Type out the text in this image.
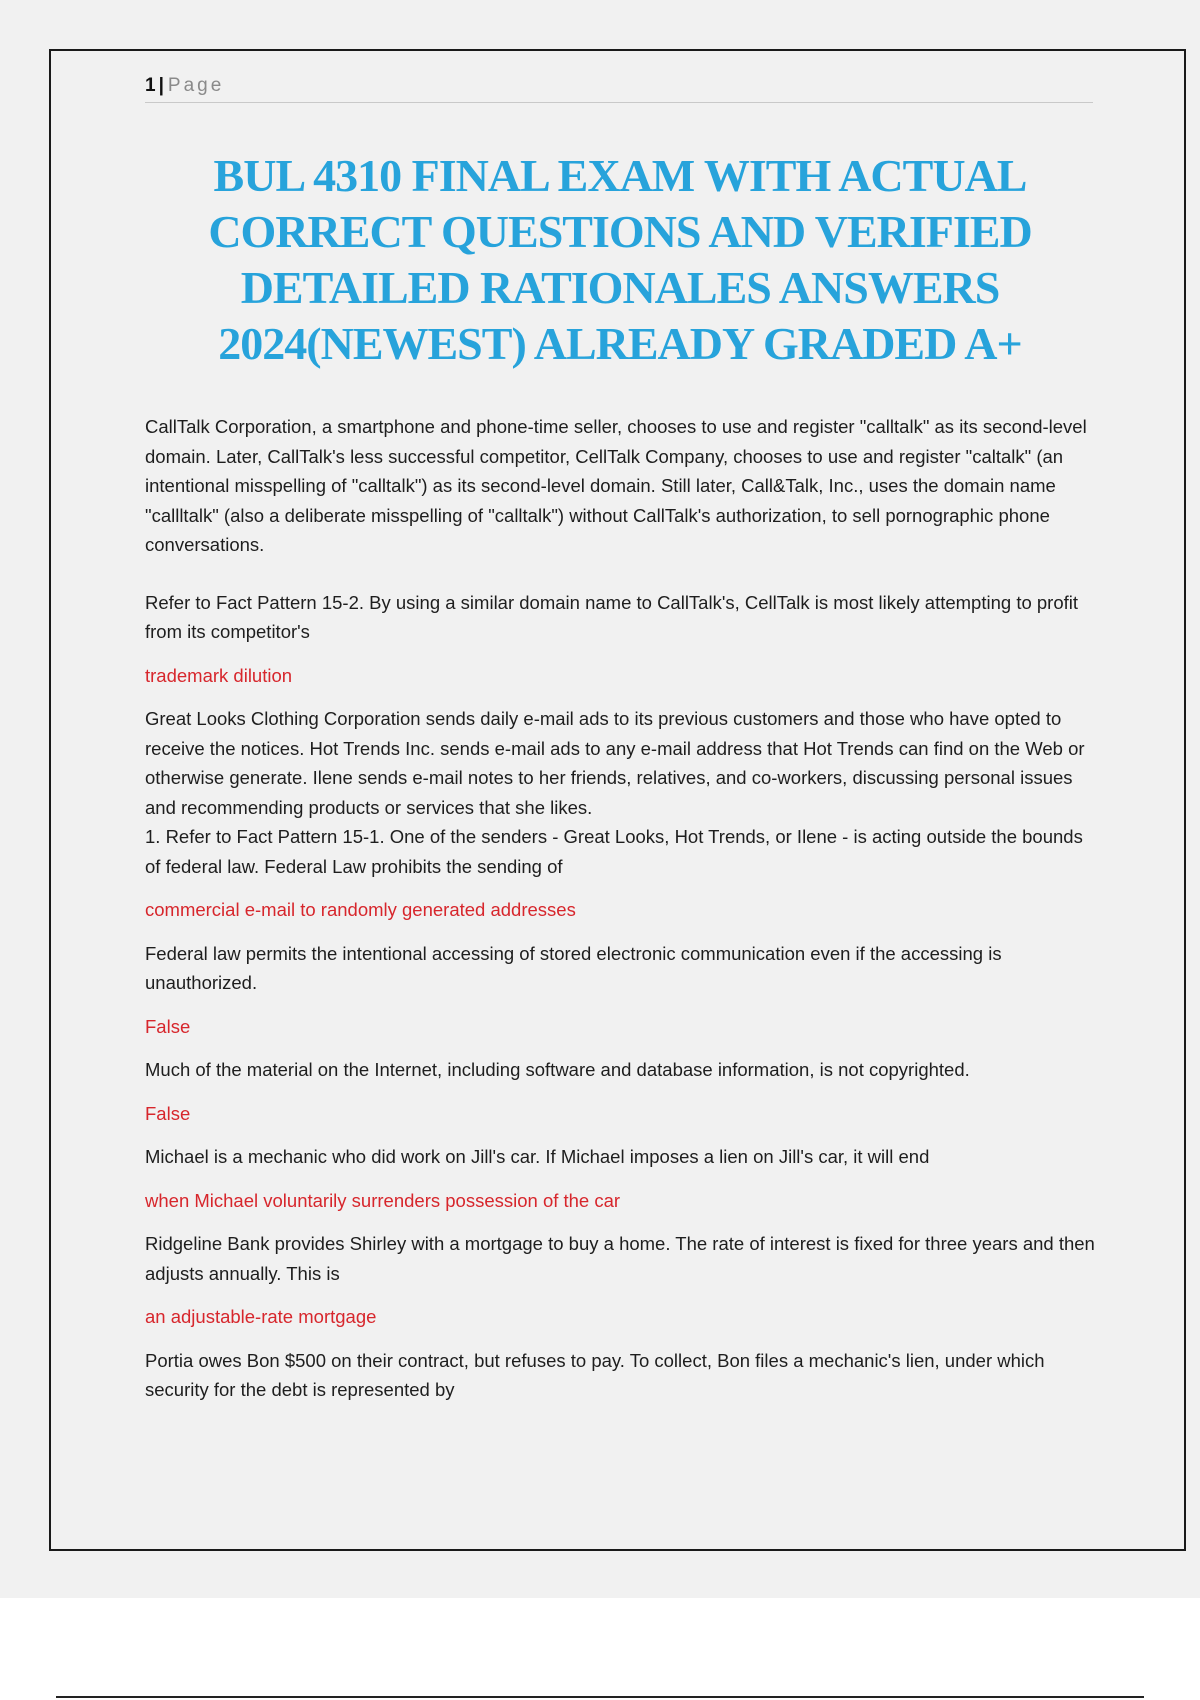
1 | Page
BUL 4310 FINAL EXAM WITH ACTUAL
CORRECT QUESTIONS AND VERIFIED
DETAILED RATIONALES ANSWERS
2024(NEWEST) ALREADY GRADED A+

CallTalk Corporation, a smartphone and phone-time seller, chooses to use and register "calltalk" as its second-level domain. Later, CallTalk's less successful competitor, CellTalk Company, chooses to use and register "caltalk" (an intentional misspelling of "calltalk") as its second-level domain. Still later, Call&Talk, Inc., uses the domain name "callltalk" (also a deliberate misspelling of "calltalk") without CallTalk's authorization, to sell pornographic phone conversations.

Refer to Fact Pattern 15-2. By using a similar domain name to CallTalk's, CellTalk is most likely attempting to profit from its competitor's

trademark dilution

Great Looks Clothing Corporation sends daily e-mail ads to its previous customers and those who have opted to receive the notices. Hot Trends Inc. sends e-mail ads to any e-mail address that Hot Trends can find on the Web or otherwise generate. Ilene sends e-mail notes to her friends, relatives, and co-workers, discussing personal issues and recommending products or services that she likes.

1. Refer to Fact Pattern 15-1. One of the senders - Great Looks, Hot Trends, or Ilene - is acting outside the bounds of federal law. Federal Law prohibits the sending of

commercial e-mail to randomly generated addresses

Federal law permits the intentional accessing of stored electronic communication even if the accessing is unauthorized.

False

Much of the material on the Internet, including software and database information, is not copyrighted.

False

Michael is a mechanic who did work on Jill's car. If Michael imposes a lien on Jill's car, it will end

when Michael voluntarily surrenders possession of the car

Ridgeline Bank provides Shirley with a mortgage to buy a home. The rate of interest is fixed for three years and then adjusts annually. This is

an adjustable-rate mortgage

Portia owes Bon $500 on their contract, but refuses to pay. To collect, Bon files a mechanic's lien, under which security for the debt is represented by
